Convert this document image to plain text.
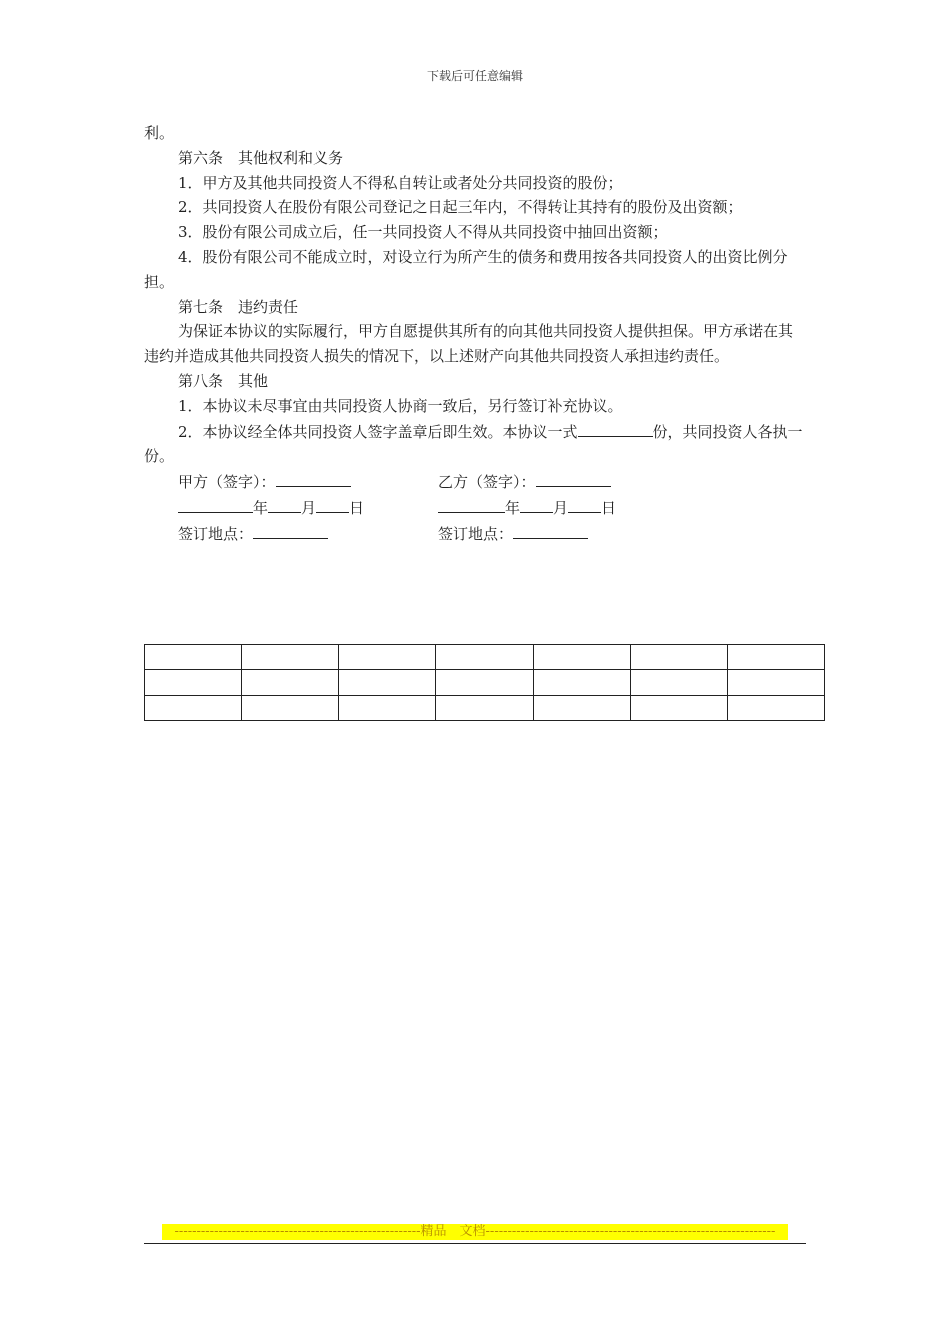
下载后可任意编辑

利。

第六条　其他权利和义务

1．甲方及其他共同投资人不得私自转让或者处分共同投资的股份；

2．共同投资人在股份有限公司登记之日起三年内，不得转让其持有的股份及出资额；

3．股份有限公司成立后，任一共同投资人不得从共同投资中抽回出资额；

4．股份有限公司不能成立时，对设立行为所产生的债务和费用按各共同投资人的出资比例分担。

第七条　违约责任

为保证本协议的实际履行，甲方自愿提供其所有的向其他共同投资人提供担保。甲方承诺在其违约并造成其他共同投资人损失的情况下，以上述财产向其他共同投资人承担违约责任。

第八条　其他

1．本协议未尽事宜由共同投资人协商一致后，另行签订补充协议。

2．本协议经全体共同投资人签字盖章后即生效。本协议一式	份，共同投资人各执一份。

甲方（签字）：	乙方（签字）：
年 月 日	年 月 日
签订地点：	签订地点：

--------------------------------------------------------精品　文档------------------------------------------------------------------
